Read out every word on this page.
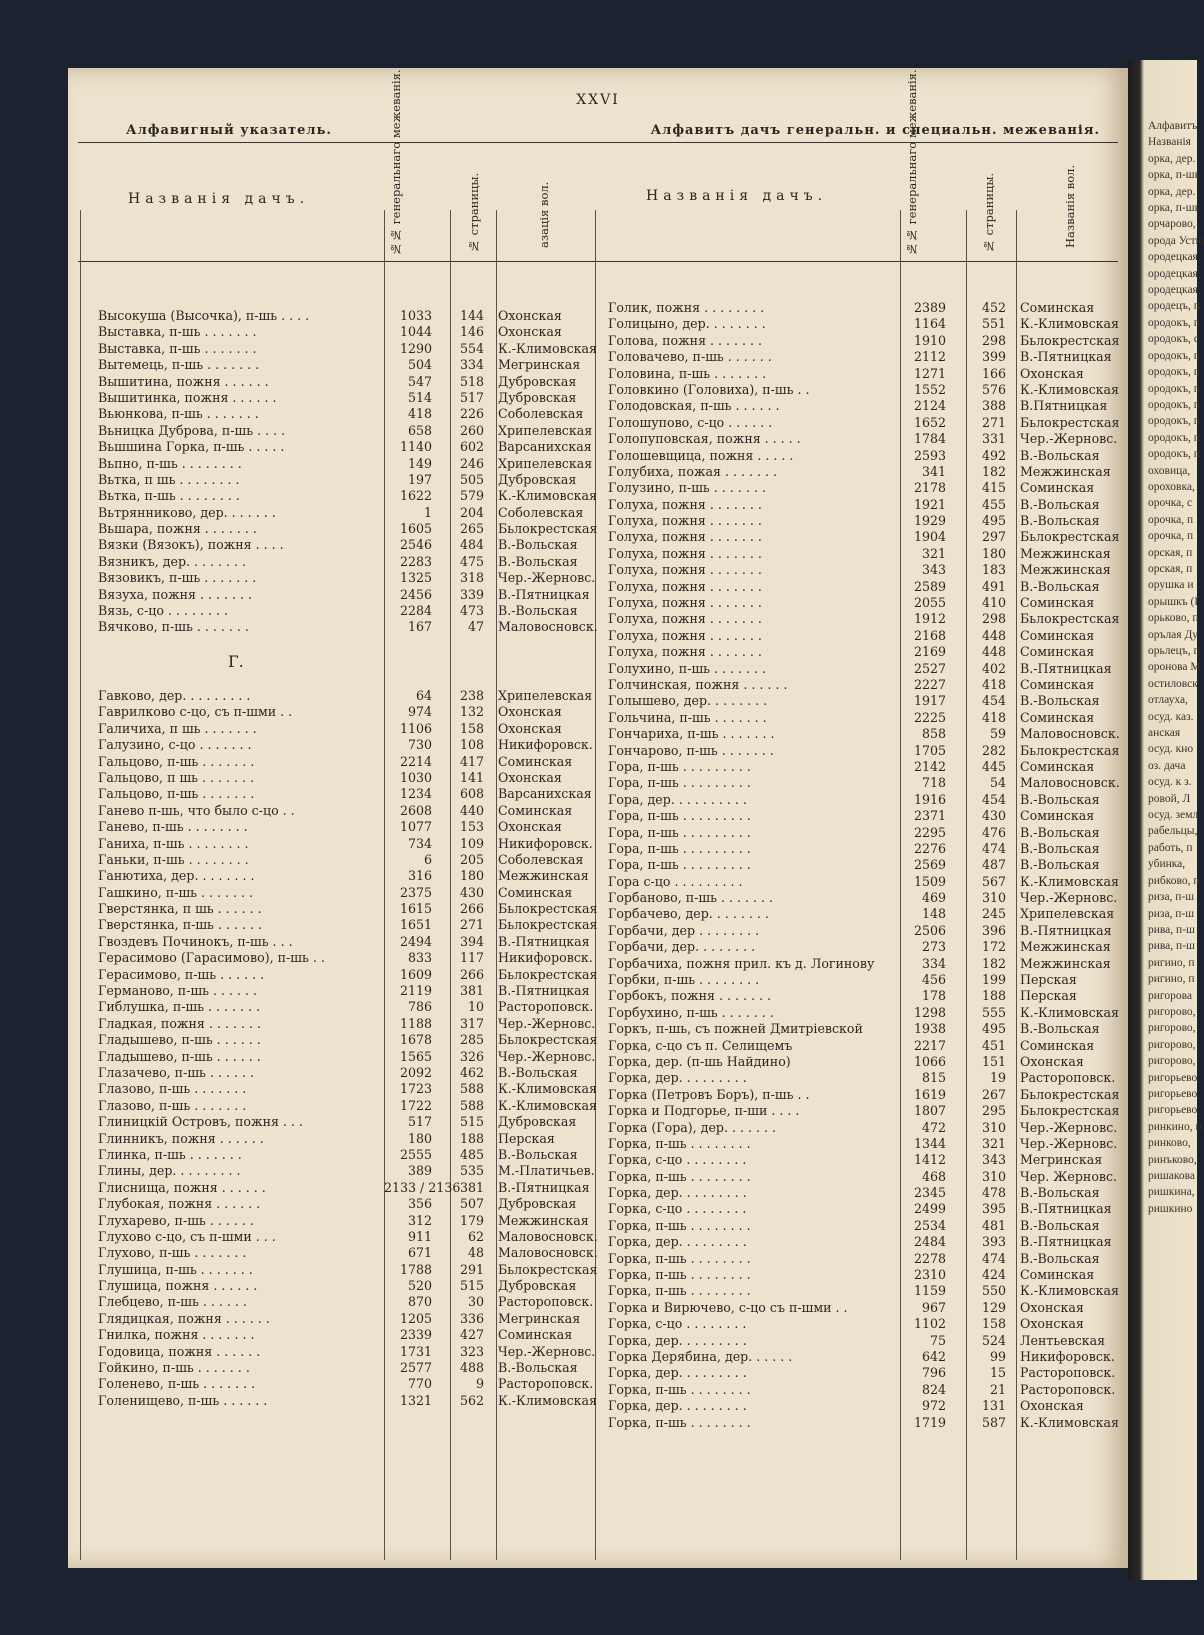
XXVI
Алфавигный указатель.	Алфавитъ дачъ генеральн. и специальн. межеванія.
Названія дачъ.	№№ генеральнаго межеванія.	№ страницы.	азація вол.	Названія дачъ.	№№ генеральнаго межеванія.	№ страницы.	Названія вол.
Высокуша (Высочка), п-шь . . . .	1033	144 Охонская
Выставка, п-шь . . . . . . .	1044	146 Охонская
Выставка, п-шь . . . . . . .	1290	554 К.-Климовская
Вытемець, п-шь . . . . . . .	504	334 Мегринская
Вышитина, пожня . . . . . .	547	518 Дубровская
Вышитинка, пожня . . . . . .	514	517 Дубровская
Вьюнкова, п-шь . . . . . . .	418	226 Соболевская
Вьницка Дуброва, п-шь . . . .	658	260 Хрипелевская
Вьшшина Горка, п-шь . . . . .	1140	602 Варсанихская
Вьпно, п-шь . . . . . . . .	149	246 Хрипелевская
Вьтка, п шь . . . . . . . .	197	505 Дубровская
Вьтка, п-шь . . . . . . . .	1622	579 К.-Климовская
Вьтрянниково, дер. . . . . . .	1	204 Соболевская
Вьшара, пожня . . . . . . .	1605	265 Бьлокрестская
Вязки (Вязокъ), пожня . . . .	2546	484 В.-Вольская
Вязникъ, дер. . . . . . . .	2283	475 В.-Вольская
Вязовикъ, п-шь . . . . . . .	1325	318 Чер.-Жерновс.
Вязуха, пожня . . . . . . .	2456	339 В.-Пятницкая
Вязь, с-цо . . . . . . . .	2284	473 В.-Вольская
Вячково, п-шь . . . . . . .	167	47 Маловосновск.
Г.
Гавково, дер. . . . . . . . .	64	238 Хрипелевская
Гаврилково с-цо, съ п-шми . .	974	132 Охонская
Галичиха, п шь . . . . . . .	1106	158 Охонская
Галузино, с-цо . . . . . . .	730	108 Никифоровск.
Гальцово, п-шь . . . . . . .	2214	417 Соминская
Гальцово, п шь . . . . . . .	1030	141 Охонская
Гальцово, п-шь . . . . . . .	1234	608 Варсанихская
Ганево п-шь, что было с-цо . .	2608	440 Соминская
Ганево, п-шь . . . . . . . .	1077	153 Охонская
Ганиха, п-шь . . . . . . . .	734	109 Никифоровск.
Ганьки, п-шь . . . . . . . .	6	205 Соболевская
Ганютиха, дер. . . . . . . .	316	180 Межжинская
Гашкино, п-шь . . . . . . .	2375	430 Соминская
Гверстянка, п шь . . . . . .	1615	266 Бьлокрестская
Гверстянка, п-шь . . . . . .	1651	271 Бьлокрестская
Гвоздевъ Починокъ, п-шь . . .	2494	394 В.-Пятницкая
Герасимово (Гарасимово), п-шь . .	833	117 Никифоровск.
Герасимово, п-шь . . . . . .	1609	266 Бьлокрестская
Германово, п-шь . . . . . .	2119	381 В.-Пятницкая
Гиблушка, п-шь . . . . . . .	786	10 Растороповск.
Гладкая, пожня . . . . . . .	1188	317 Чер.-Жерновс.
Гладышево, п-шь . . . . . .	1678	285 Бьлокрестская
Гладышево, п-шь . . . . . .	1565	326 Чер.-Жерновс.
Глазачево, п-шь . . . . . .	2092	462 В.-Вольская
Глазово, п-шь . . . . . . .	1723	588 К.-Климовская
Глазово, п-шь . . . . . . .	1722	588 К.-Климовская
Глиницкій Островъ, пожня . . .	517	515 Дубровская
Глинникъ, пожня . . . . . .	180	188 Перская
Глинка, п-шь . . . . . . .	2555	485 В.-Вольская
Глины, дер. . . . . . . . .	389	535 М.-Платичьев.
Глиснища, пожня . . . . . .	2133 / 2136 381 В.-Пятницкая
Глубокая, пожня . . . . . .	356	507 Дубровская
Глухарево, п-шь . . . . . .	312	179 Межжинская
Глухово с-цо, съ п-шми . . .	911	62 Маловосновск.
Глухово, п-шь . . . . . . .	671	48 Маловосновск.
Глушица, п-шь . . . . . . .	1788	291 Бьлокрестская
Глушица, пожня . . . . . .	520	515 Дубровская
Глебцево, п-шь . . . . . .	870	30 Растороповск.
Глядицкая, пожня . . . . . .	1205	336 Мегринская
Гнилка, пожня . . . . . . .	2339	427 Соминская
Годовица, пожня . . . . . .	1731	323 Чер.-Жерновс.
Гойкино, п-шь . . . . . . .	2577	488 В.-Вольская
Голенево, п-шь . . . . . . .	770	9 Растороповск.
Голенищево, п-шь . . . . . .	1321	562 К.-Климовская
Голик, пожня . . . . . . . .	2389	452 Соминская
Голицыно, дер. . . . . . . .	1164	551 К.-Климовская
Голова, пожня . . . . . . .	1910	298 Бьлокрестская
Головачево, п-шь . . . . . .	2112	399 В.-Пятницкая
Головина, п-шь . . . . . . .	1271	166 Охонская
Головкино (Головиха), п-шь . .	1552	576 К.-Климовская
Голодовская, п-шь . . . . . .	2124	388 В.Пятницкая
Голошупово, с-цо . . . . . .	1652	271 Бьлокрестская
Голопуповская, пожня . . . . .	1784	331 Чер.-Жерновс.
Голошевщица, пожня . . . . .	2593	492 В.-Вольская
Голубиха, пожая . . . . . . .	341	182 Межжинская
Голузино, п-шь . . . . . . .	2178	415 Соминская
Голуха, пожня . . . . . . .	1921	455 В.-Вольская
Голуха, пожня . . . . . . .	1929	495 В.-Вольская
Голуха, пожня . . . . . . .	1904	297 Бьлокрестская
Голуха, пожня . . . . . . .	321	180 Межжинская
Голуха, пожня . . . . . . .	343	183 Межжинская
Голуха, пожня . . . . . . .	2589	491 В.-Вольская
Голуха, пожня . . . . . . .	2055	410 Соминская
Голуха, пожня . . . . . . .	1912	298 Бьлокрестская
Голуха, пожня . . . . . . .	2168	448 Соминская
Голуха, пожня . . . . . . .	2169	448 Соминская
Голухино, п-шь . . . . . . .	2527	402 В.-Пятницкая
Голчинская, пожня . . . . . .	2227	418 Соминская
Голышево, дер. . . . . . . .	1917	454 В.-Вольская
Гольчина, п-шь . . . . . . .	2225	418 Соминская
Гончариха, п-шь . . . . . . .	858	59 Маловосновск.
Гончарово, п-шь . . . . . . .	1705	282 Бьлокрестская
Гора, п-шь . . . . . . . . .	2142	445 Соминская
Гора, п-шь . . . . . . . . .	718	54 Маловосновск.
Гора, дер. . . . . . . . . .	1916	454 В.-Вольская
Гора, п-шь . . . . . . . . .	2371	430 Соминская
Гора, п-шь . . . . . . . . .	2295	476 В.-Вольская
Гора, п-шь . . . . . . . . .	2276	474 В.-Вольская
Гора, п-шь . . . . . . . . .	2569	487 В.-Вольская
Гора с-цо . . . . . . . . .	1509	567 К.-Климовская
Горбаново, п-шь . . . . . . .	469	310 Чер.-Жерновс.
Горбачево, дер. . . . . . . .	148	245 Хрипелевская
Горбачи, дер . . . . . . . .	2506	396 В.-Пятницкая
Горбачи, дер. . . . . . . .	273	172 Межжинская
Горбачиха, пожня прил. къ д. Логинову	334	182 Межжинская
Горбки, п-шь . . . . . . . .	456	199 Перская
Горбокъ, пожня . . . . . . .	178	188 Перская
Горбухино, п-шь . . . . . . .	1298	555 К.-Климовская
Горкъ, п-шь, съ пожней Дмитріевской	1938	495 В.-Вольская
Горка, с-цо съ п. Селищемъ	2217	451 Соминская
Горка, дер. (п-шь Найдино)	1066	151 Охонская
Горка, дер. . . . . . . . .	815	19 Растороповск.
Горка (Петровъ Боръ), п-шь . .	1619	267 Бьлокрестская
Горка и Подгорье, п-ши . . . .	1807	295 Бьлокрестская
Горка (Гора), дер. . . . . . .	472	310 Чер.-Жерновс.
Горка, п-шь . . . . . . . .	1344	321 Чер.-Жерновс.
Горка, с-цо . . . . . . . .	1412	343 Мегринская
Горка, п-шь . . . . . . . .	468	310 Чер. Жерновс.
Горка, дер. . . . . . . . .	2345	478 В.-Вольская
Горка, с-цо . . . . . . . .	2499	395 В.-Пятницкая
Горка, п-шь . . . . . . . .	2534	481 В.-Вольская
Горка, дер. . . . . . . . .	2484	393 В.-Пятницкая
Горка, п-шь . . . . . . . .	2278	474 В.-Вольская
Горка, п-шь . . . . . . . .	2310	424 Соминская
Горка, п-шь . . . . . . . .	1159	550 К.-Климовская
Горка и Вирючево, с-цо съ п-шми . .	967	129 Охонская
Горка, с-цо . . . . . . . .	1102	158 Охонская
Горка, дер. . . . . . . . .	75	524 Лентьевская
Горка Дерябина, дер. . . . . .	642	99 Никифоровск.
Горка, дер. . . . . . . . .	796	15 Растороповск.
Горка, п-шь . . . . . . . .	824	21 Растороповск.
Горка, дер. . . . . . . . .	972	131 Охонская
Горка, п-шь . . . . . . . .	1719	587 К.-Климовская
Алфавитъ
Названія
орка, дер.
орка, п-шь
орка, дер.
орка, п-шь
орчарово,
орода Устю
ородецкая,
ородецкая,
ородецкая,
ородецъ, п
ородокъ, п
ородокъ, с
ородокъ, п
ородокъ, п
ородокъ, п
ородокъ, п
ородокъ, п
ородокъ, п
ородокъ, п
оховица,
ороховка,
орочка, с
орочка, п
орочка, п
орская, п
орская, п
орушка и
орышкъ (Г
орьково, п
орълая Ду
орьлецъ, п
оронова М
остиловск
отлауха,
осуд. каз.
анская
осуд. кно
оз. дача
осуд. к з.
ровой, Л
осуд. земл
рабельцы,
работь, п
убинка,
рибково, п
риза, п-ш
риза, п-ш
рива, п-ш
рива, п-ш
ригино, п
ригино, п
ригорова
ригорово,
ригорово,
ригорово,
ригорово,
ригорьево
ригорьево
ригорьево
ринкино, п
ринково,
ринъково,
ришакова
ришкина,
ришкино
